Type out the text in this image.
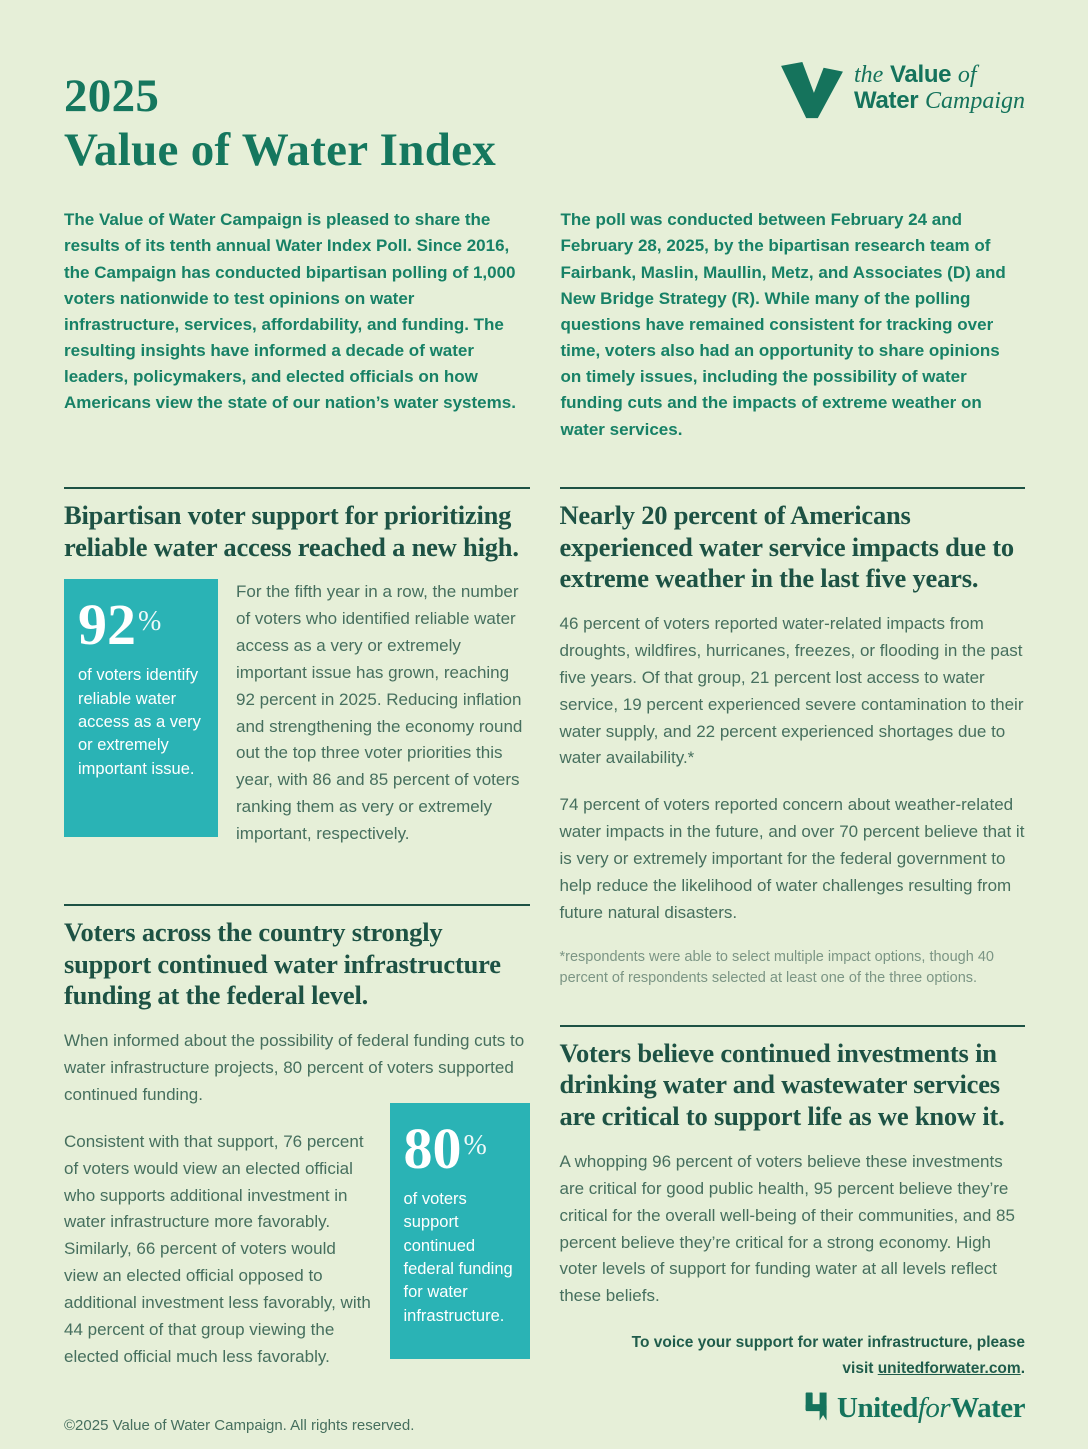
2025
Value of Water Index
the Value of
Water Campaign

The Value of Water Campaign is pleased to share the results of its tenth annual Water Index Poll. Since 2016, the Campaign has conducted bipartisan polling of 1,000 voters nationwide to test opinions on water infrastructure, services, affordability, and funding. The resulting insights have informed a decade of water leaders, policymakers, and elected officials on how Americans view the state of our nation’s water systems.

The poll was conducted between February 24 and February 28, 2025, by the bipartisan research team of Fairbank, Maslin, Maullin, Metz, and Associates (D) and New Bridge Strategy (R). While many of the polling questions have remained consistent for tracking over time, voters also had an opportunity to share opinions on timely issues, including the possibility of water funding cuts and the impacts of extreme weather on water services.

Bipartisan voter support for prioritizing reliable water access reached a new high.
92%
of voters identify reliable water access as a very or extremely important issue.

For the fifth year in a row, the number of voters who identified reliable water access as a very or extremely important issue has grown, reaching 92 percent in 2025. Reducing inflation and strengthening the economy round out the top three voter priorities this year, with 86 and 85 percent of voters ranking them as very or extremely important, respectively.

Voters across the country strongly support continued water infrastructure funding at the federal level.

When informed about the possibility of federal funding cuts to water infrastructure projects, 80 percent of voters supported continued funding.

Consistent with that support, 76 percent of voters would view an elected official who supports additional investment in water infrastructure more favorably. Similarly, 66 percent of voters would view an elected official opposed to additional investment less favorably, with 44 percent of that group viewing the elected official much less favorably.

80%
of voters support continued federal funding for water infrastructure.

©2025 Value of Water Campaign. All rights reserved.

Nearly 20 percent of Americans experienced water service impacts due to extreme weather in the last five years.

46 percent of voters reported water-related impacts from droughts, wildfires, hurricanes, freezes, or flooding in the past five years. Of that group, 21 percent lost access to water service, 19 percent experienced severe contamination to their water supply, and 22 percent experienced shortages due to water availability.*

74 percent of voters reported concern about weather-related water impacts in the future, and over 70 percent believe that it is very or extremely important for the federal government to help reduce the likelihood of water challenges resulting from future natural disasters.

*respondents were able to select multiple impact options, though 40 percent of respondents selected at least one of the three options.

Voters believe continued investments in drinking water and wastewater services are critical to support life as we know it.

A whopping 96 percent of voters believe these investments are critical for good public health, 95 percent believe they’re critical for the overall well-being of their communities, and 85 percent believe they’re critical for a strong economy. High voter levels of support for funding water at all levels reflect these beliefs.

To voice your support for water infrastructure, please visit unitedforwater.com.

UnitedforWater
